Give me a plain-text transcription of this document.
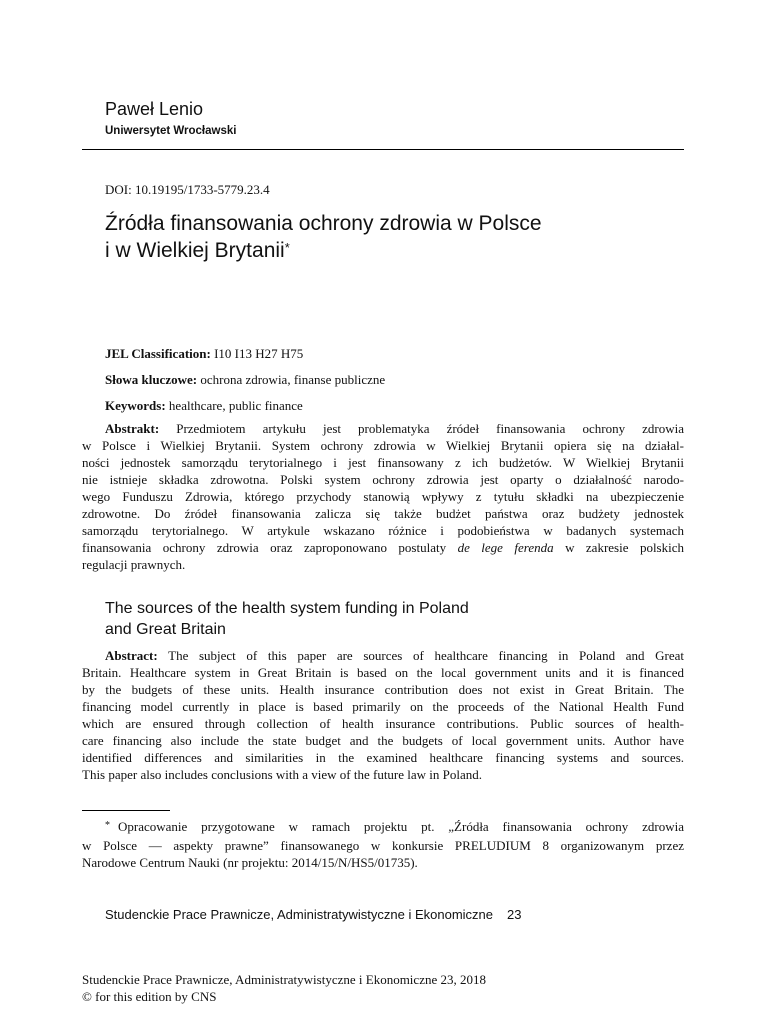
Paweł Lenio
Uniwersytet Wrocławski
DOI: 10.19195/1733-5779.23.4
Źródła finansowania ochrony zdrowia w Polsce
i w Wielkiej Brytanii*
JEL Classification: I10 I13 H27 H75
Słowa kluczowe: ochrona zdrowia, finanse publiczne
Keywords: healthcare, public finance
Abstrakt: Przedmiotem artykułu jest problematyka źródeł finansowania ochrony zdrowia
w Polsce i Wielkiej Brytanii. System ochrony zdrowia w Wielkiej Brytanii opiera się na działal-
ności jednostek samorządu terytorialnego i jest finansowany z ich budżetów. W Wielkiej Brytanii
nie istnieje składka zdrowotna. Polski system ochrony zdrowia jest oparty o działalność narodo-
wego Funduszu Zdrowia, którego przychody stanowią wpływy z tytułu składki na ubezpieczenie
zdrowotne. Do źródeł finansowania zalicza się także budżet państwa oraz budżety jednostek
samorządu terytorialnego. W artykule wskazano różnice i podobieństwa w badanych systemach
finansowania ochrony zdrowia oraz zaproponowano postulaty de lege ferenda w zakresie polskich
regulacji prawnych.
The sources of the health system funding in Poland
and Great Britain
Abstract: The subject of this paper are sources of healthcare financing in Poland and Great
Britain. Healthcare system in Great Britain is based on the local government units and it is financed
by the budgets of these units. Health insurance contribution does not exist in Great Britain. The
financing model currently in place is based primarily on the proceeds of the National Health Fund
which are ensured through collection of health insurance contributions. Public sources of health-
care financing also include the state budget and the budgets of local government units. Author have
identified differences and similarities in the examined healthcare financing systems and sources.
This paper also includes conclusions with a view of the future law in Poland.
* Opracowanie przygotowane w ramach projektu pt. „Źródła finansowania ochrony zdrowia
w Polsce — aspekty prawne” finansowanego w konkursie PRELUDIUM 8 organizowanym przez
Narodowe Centrum Nauki (nr projektu: 2014/15/N/HS5/01735).
Studenckie Prace Prawnicze, Administratywistyczne i Ekonomiczne 23
Studenckie Prace Prawnicze, Administratywistyczne i Ekonomiczne 23, 2018
© for this edition by CNS
